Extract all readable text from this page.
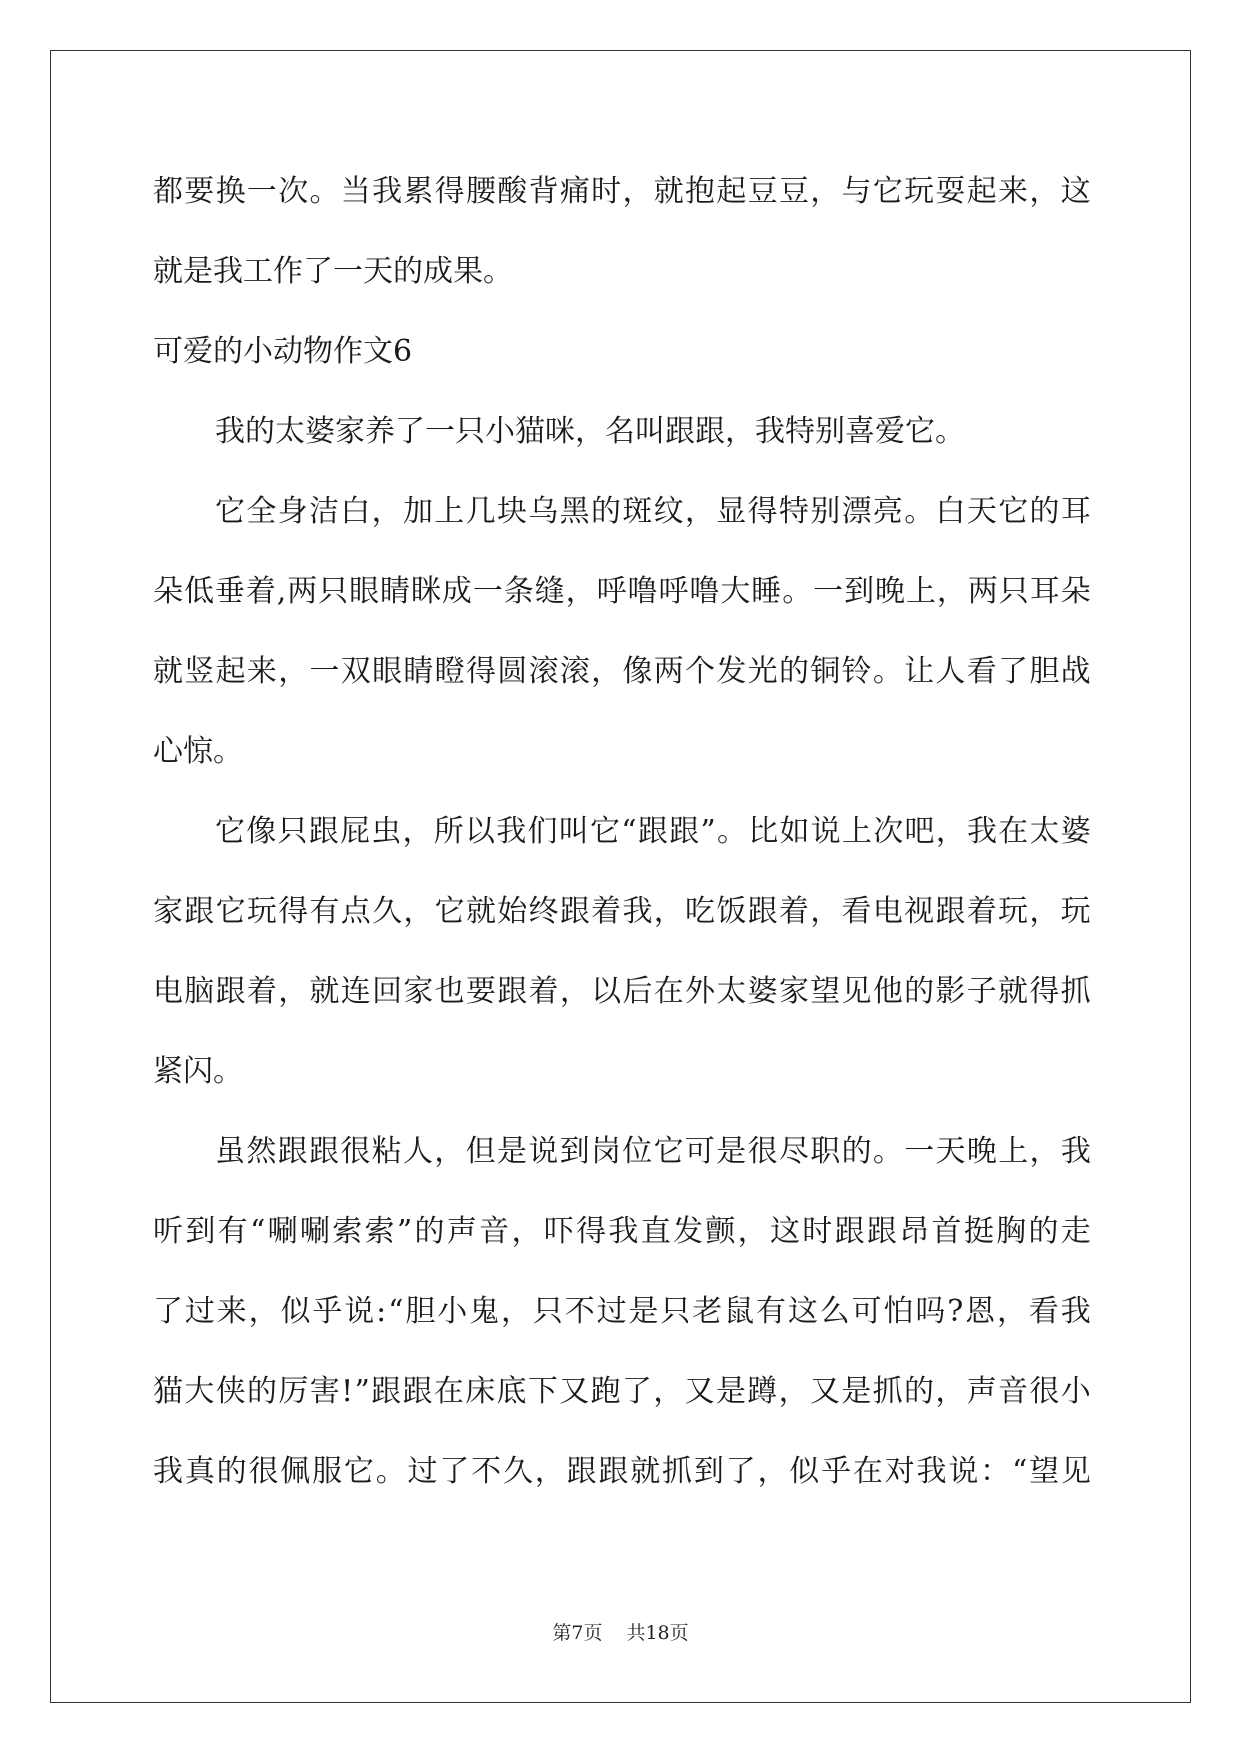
都 要 换 一 次 。 当 我 累 得 腰 酸 背 痛 时 ， 就 抱 起 豆 豆 ， 与 它 玩 耍 起 来 ， 这
就是我工作了一天的成果。
可爱的小动物作文6
我的太婆家养了一只小猫咪，名叫跟跟，我特别喜爱它。
它 全 身 洁 白 ， 加 上 几 块 乌 黑 的 斑 纹 ， 显 得 特 别 漂 亮 。 白 天 它 的 耳
朵 低 垂 着 , 两 只 眼 睛 眯 成 一 条 缝 ， 呼 噜 呼 噜 大 睡 。 一 到 晚 上 ， 两 只 耳 朵
就 竖 起 来 ， 一 双 眼 睛 瞪 得 圆 滚 滚 ， 像 两 个 发 光 的 铜 铃 。 让 人 看 了 胆 战
心惊。
它 像 只 跟 屁 虫 ， 所 以 我 们 叫 它 “ 跟 跟 ” 。 比 如 说 上 次 吧 ， 我 在 太 婆
家 跟 它 玩 得 有 点 久 ， 它 就 始 终 跟 着 我 ， 吃 饭 跟 着 ， 看 电 视 跟 着 玩 ， 玩
电 脑 跟 着 ， 就 连 回 家 也 要 跟 着 ， 以 后 在 外 太 婆 家 望 见 他 的 影 子 就 得 抓
紧闪。
虽 然 跟 跟 很 粘 人 ， 但 是 说 到 岗 位 它 可 是 很 尽 职 的 。 一 天 晚 上 ， 我
听 到 有 “ 唰 唰 索 索 ” 的 声 音 ， 吓 得 我 直 发 颤 ， 这 时 跟 跟 昂 首 挺 胸 的 走
了 过 来 ， 似 乎 说 : “ 胆 小 鬼 ， 只 不 过 是 只 老 鼠 有 这 么 可 怕 吗 ? 恩 ， 看 我
猫 大 侠 的 厉 害 ! ” 跟 跟 在 床 底 下 又 跑 了 ， 又 是 蹲 ， 又 是 抓 的 ， 声 音 很 小
我 真 的 很 佩 服 它 。 过 了 不 久 ， 跟 跟 就 抓 到 了 ， 似 乎 在 对 我 说 ： “ 望 见
第7页 共18页
